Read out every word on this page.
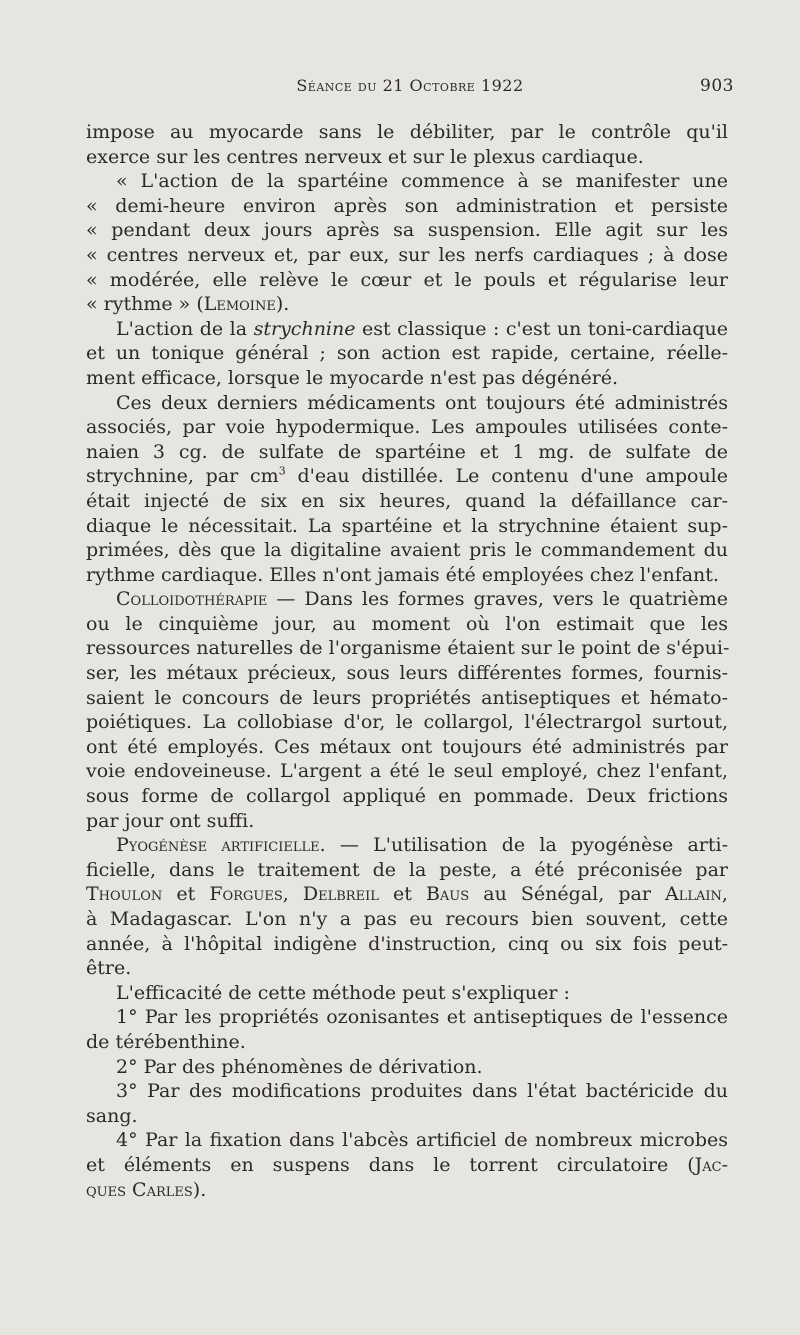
Séance du 21 Octobre 1922	903
impose au myocarde sans le débiliter, par le contrôle qu'il
exerce sur les centres nerveux et sur le plexus cardiaque.
« L'action de la spartéine commence à se manifester une
« demi-heure environ après son administration et persiste
« pendant deux jours après sa suspension. Elle agit sur les
« centres nerveux et, par eux, sur les nerfs cardiaques ; à dose
« modérée, elle relève le cœur et le pouls et régularise leur
« rythme » (Lemoine).
L'action de la strychnine est classique : c'est un toni-cardiaque
et un tonique général ; son action est rapide, certaine, réelle-
ment efficace, lorsque le myocarde n'est pas dégénéré.
Ces deux derniers médicaments ont toujours été administrés
associés, par voie hypodermique. Les ampoules utilisées conte-
naien 3 cg. de sulfate de spartéine et 1 mg. de sulfate de
strychnine, par $cm^3$ d'eau distillée. Le contenu d'une ampoule
était injecté de six en six heures, quand la défaillance car-
diaque le nécessitait. La spartéine et la strychnine étaient sup-
primées, dès que la digitaline avaient pris le commandement du
rythme cardiaque. Elles n'ont jamais été employées chez l'enfant.
Colloidothérapie — Dans les formes graves, vers le quatrième
ou le cinquième jour, au moment où l'on estimait que les
ressources naturelles de l'organisme étaient sur le point de s'épui-
ser, les métaux précieux, sous leurs différentes formes, fournis-
saient le concours de leurs propriétés antiseptiques et hémato-
poiétiques. La collobiase d'or, le collargol, l'électrargol surtout,
ont été employés. Ces métaux ont toujours été administrés par
voie endoveineuse. L'argent a été le seul employé, chez l'enfant,
sous forme de collargol appliqué en pommade. Deux frictions
par jour ont suffi.
Pyogénèse artificielle. — L'utilisation de la pyogénèse arti-
ficielle, dans le traitement de la peste, a été préconisée par
Thoulon et Forgues, Delbreil et Baus au Sénégal, par Allain,
à Madagascar. L'on n'y a pas eu recours bien souvent, cette
année, à l'hôpital indigène d'instruction, cinq ou six fois peut-
être.
L'efficacité de cette méthode peut s'expliquer :
1° Par les propriétés ozonisantes et antiseptiques de l'essence
de térébenthine.
2° Par des phénomènes de dérivation.
3° Par des modifications produites dans l'état bactéricide du
sang.
4° Par la fixation dans l'abcès artificiel de nombreux microbes
et éléments en suspens dans le torrent circulatoire (Jac-
ques Carles).
